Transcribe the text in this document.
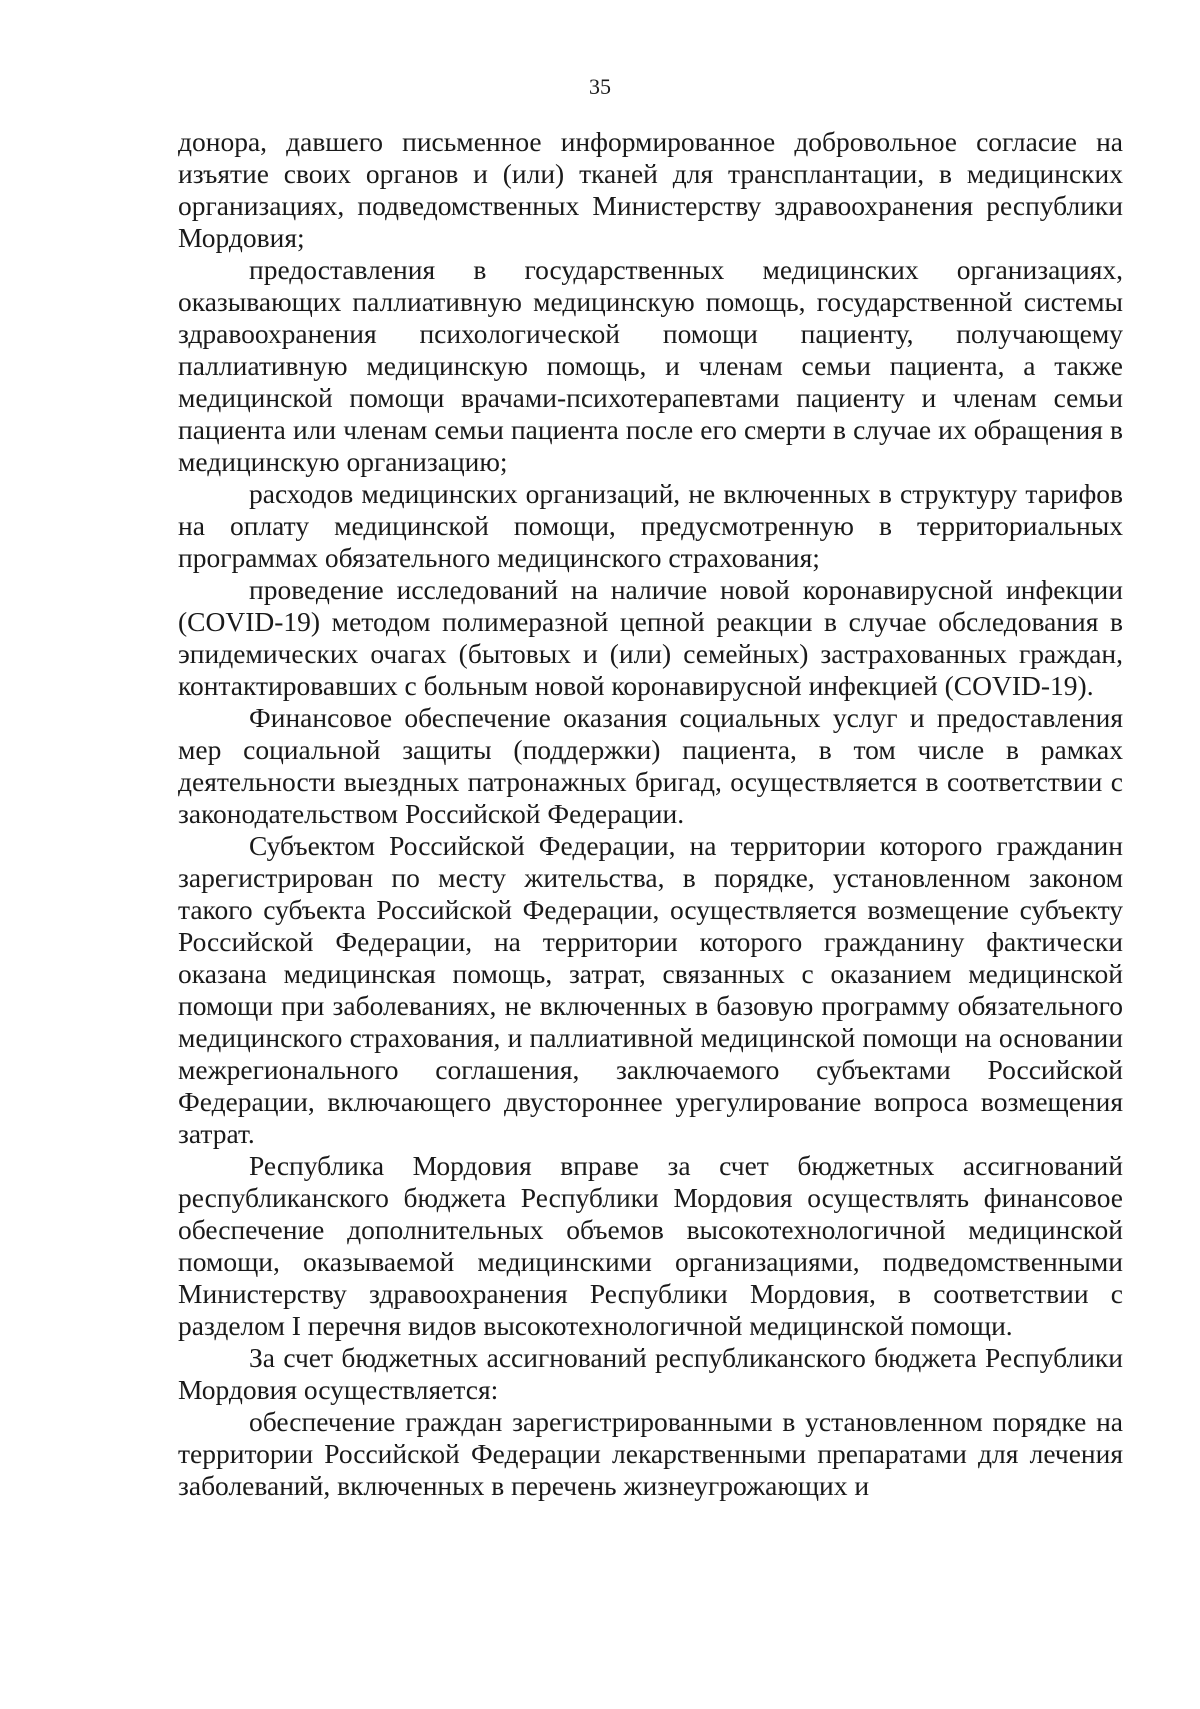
35

донора, давшего письменное информированное добровольное согласие на изъятие своих органов и (или) тканей для трансплантации, в медицинских организациях, подведомственных Министерству здравоохранения республики Мордовия;

предоставления в государственных медицинских организациях, оказывающих паллиативную медицинскую помощь, государственной системы здравоохранения психологической помощи пациенту, получающему паллиативную медицинскую помощь, и членам семьи пациента, а также медицинской помощи врачами-психотерапевтами пациенту и членам семьи пациента или членам семьи пациента после его смерти в случае их обращения в медицинскую организацию;

расходов медицинских организаций, не включенных в структуру тарифов на оплату медицинской помощи, предусмотренную в территориальных программах обязательного медицинского страхования;

проведение исследований на наличие новой коронавирусной инфекции (COVID-19) методом полимеразной цепной реакции в случае обследования в эпидемических очагах (бытовых и (или) семейных) застрахованных граждан, контактировавших с больным новой коронавирусной инфекцией (COVID-19).

Финансовое обеспечение оказания социальных услуг и предоставления мер социальной защиты (поддержки) пациента, в том числе в рамках деятельности выездных патронажных бригад, осуществляется в соответствии с законодательством Российской Федерации.

Субъектом Российской Федерации, на территории которого гражданин зарегистрирован по месту жительства, в порядке, установленном законом такого субъекта Российской Федерации, осуществляется возмещение субъекту Российской Федерации, на территории которого гражданину фактически оказана медицинская помощь, затрат, связанных с оказанием медицинской помощи при заболеваниях, не включенных в базовую программу обязательного медицинского страхования, и паллиативной медицинской помощи на основании межрегионального соглашения, заключаемого субъектами Российской Федерации, включающего двустороннее урегулирование вопроса возмещения затрат.

Республика Мордовия вправе за счет бюджетных ассигнований республиканского бюджета Республики Мордовия осуществлять финансовое обеспечение дополнительных объемов высокотехнологичной медицинской помощи, оказываемой медицинскими организациями, подведомственными Министерству здравоохранения Республики Мордовия, в соответствии с разделом I перечня видов высокотехнологичной медицинской помощи.

За счет бюджетных ассигнований республиканского бюджета Республики Мордовия осуществляется:

обеспечение граждан зарегистрированными в установленном порядке на территории Российской Федерации лекарственными препаратами для лечения заболеваний, включенных в перечень жизнеугрожающих и
